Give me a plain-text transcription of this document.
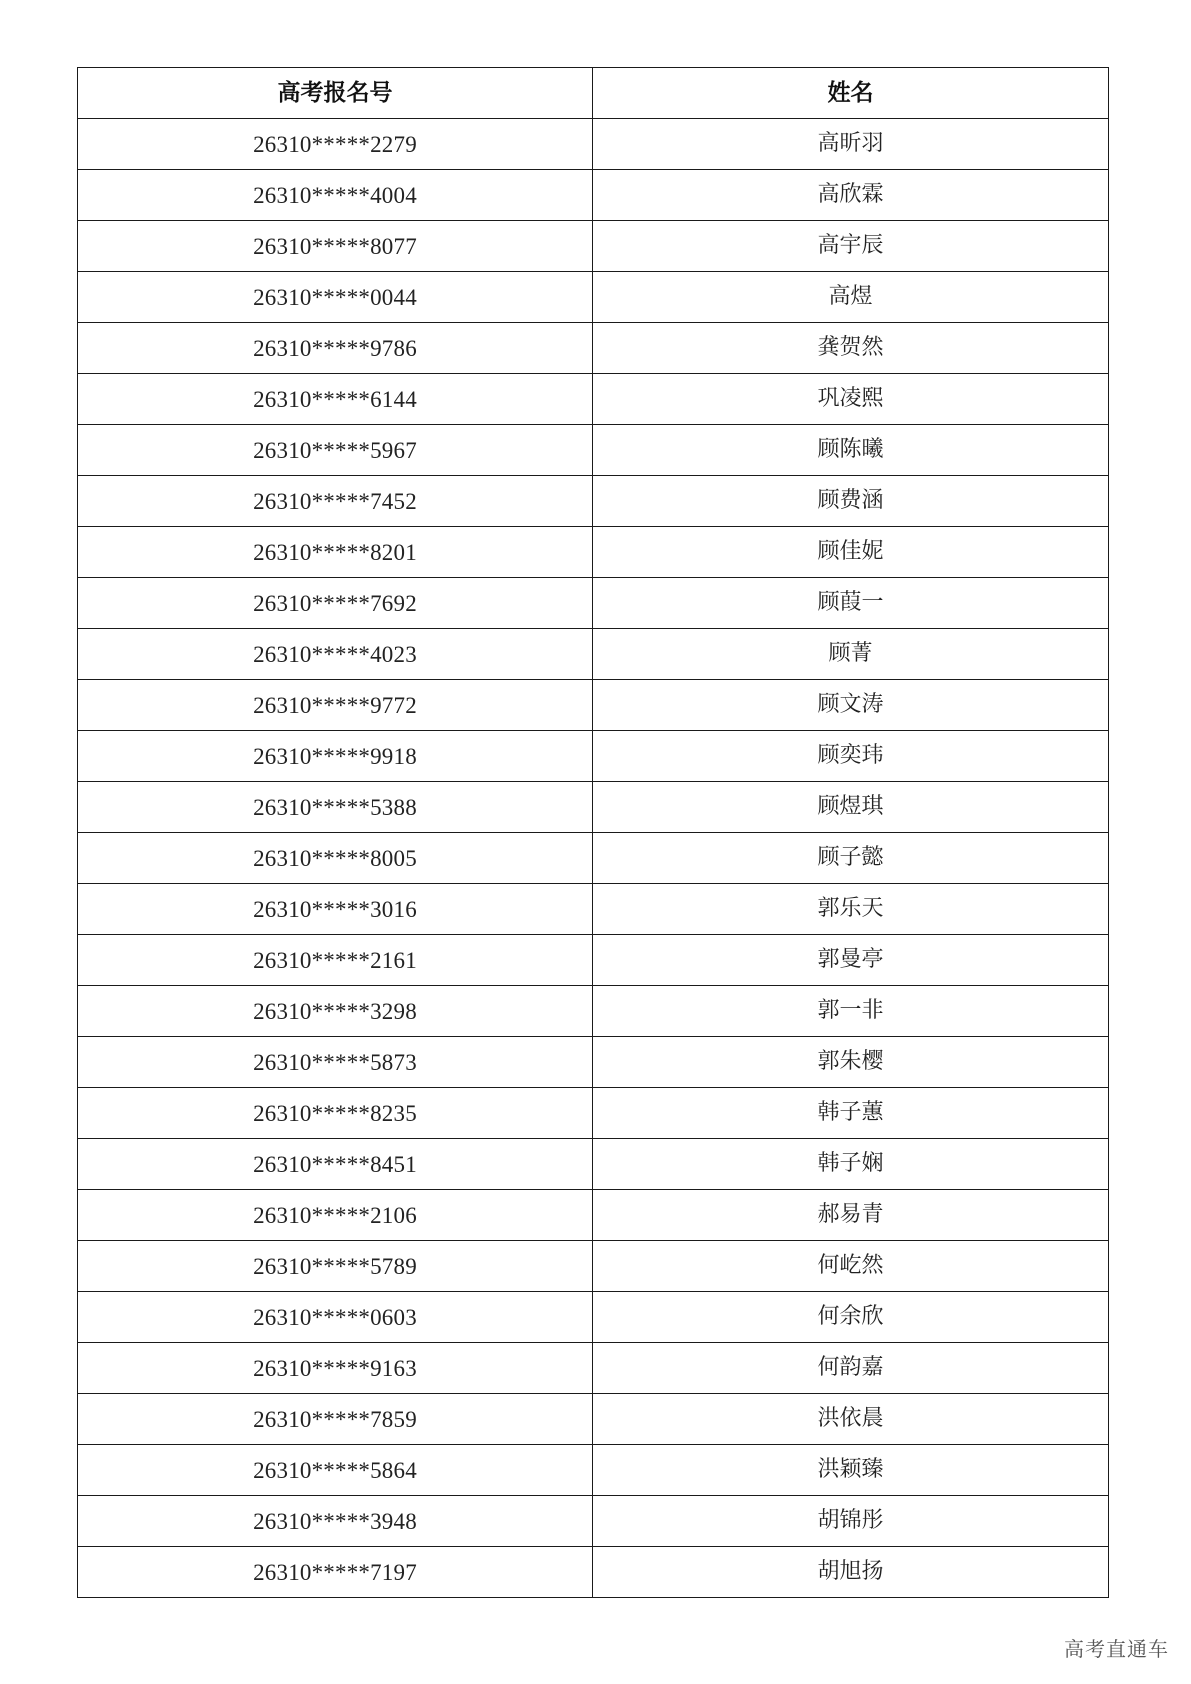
高考报名号	姓名
26310*****2279	高昕羽
26310*****4004	高欣霖
26310*****8077	高宇辰
26310*****0044	高煜
26310*****9786	龚贺然
26310*****6144	巩凌熙
26310*****5967	顾陈曦
26310*****7452	顾费涵
26310*****8201	顾佳妮
26310*****7692	顾葭一
26310*****4023	顾菁
26310*****9772	顾文涛
26310*****9918	顾奕玮
26310*****5388	顾煜琪
26310*****8005	顾子懿
26310*****3016	郭乐天
26310*****2161	郭曼亭
26310*****3298	郭一非
26310*****5873	郭朱樱
26310*****8235	韩子蕙
26310*****8451	韩子娴
26310*****2106	郝易青
26310*****5789	何屹然
26310*****0603	何余欣
26310*****9163	何韵嘉
26310*****7859	洪依晨
26310*****5864	洪颖臻
26310*****3948	胡锦彤
26310*****7197	胡旭扬
高考直通车
